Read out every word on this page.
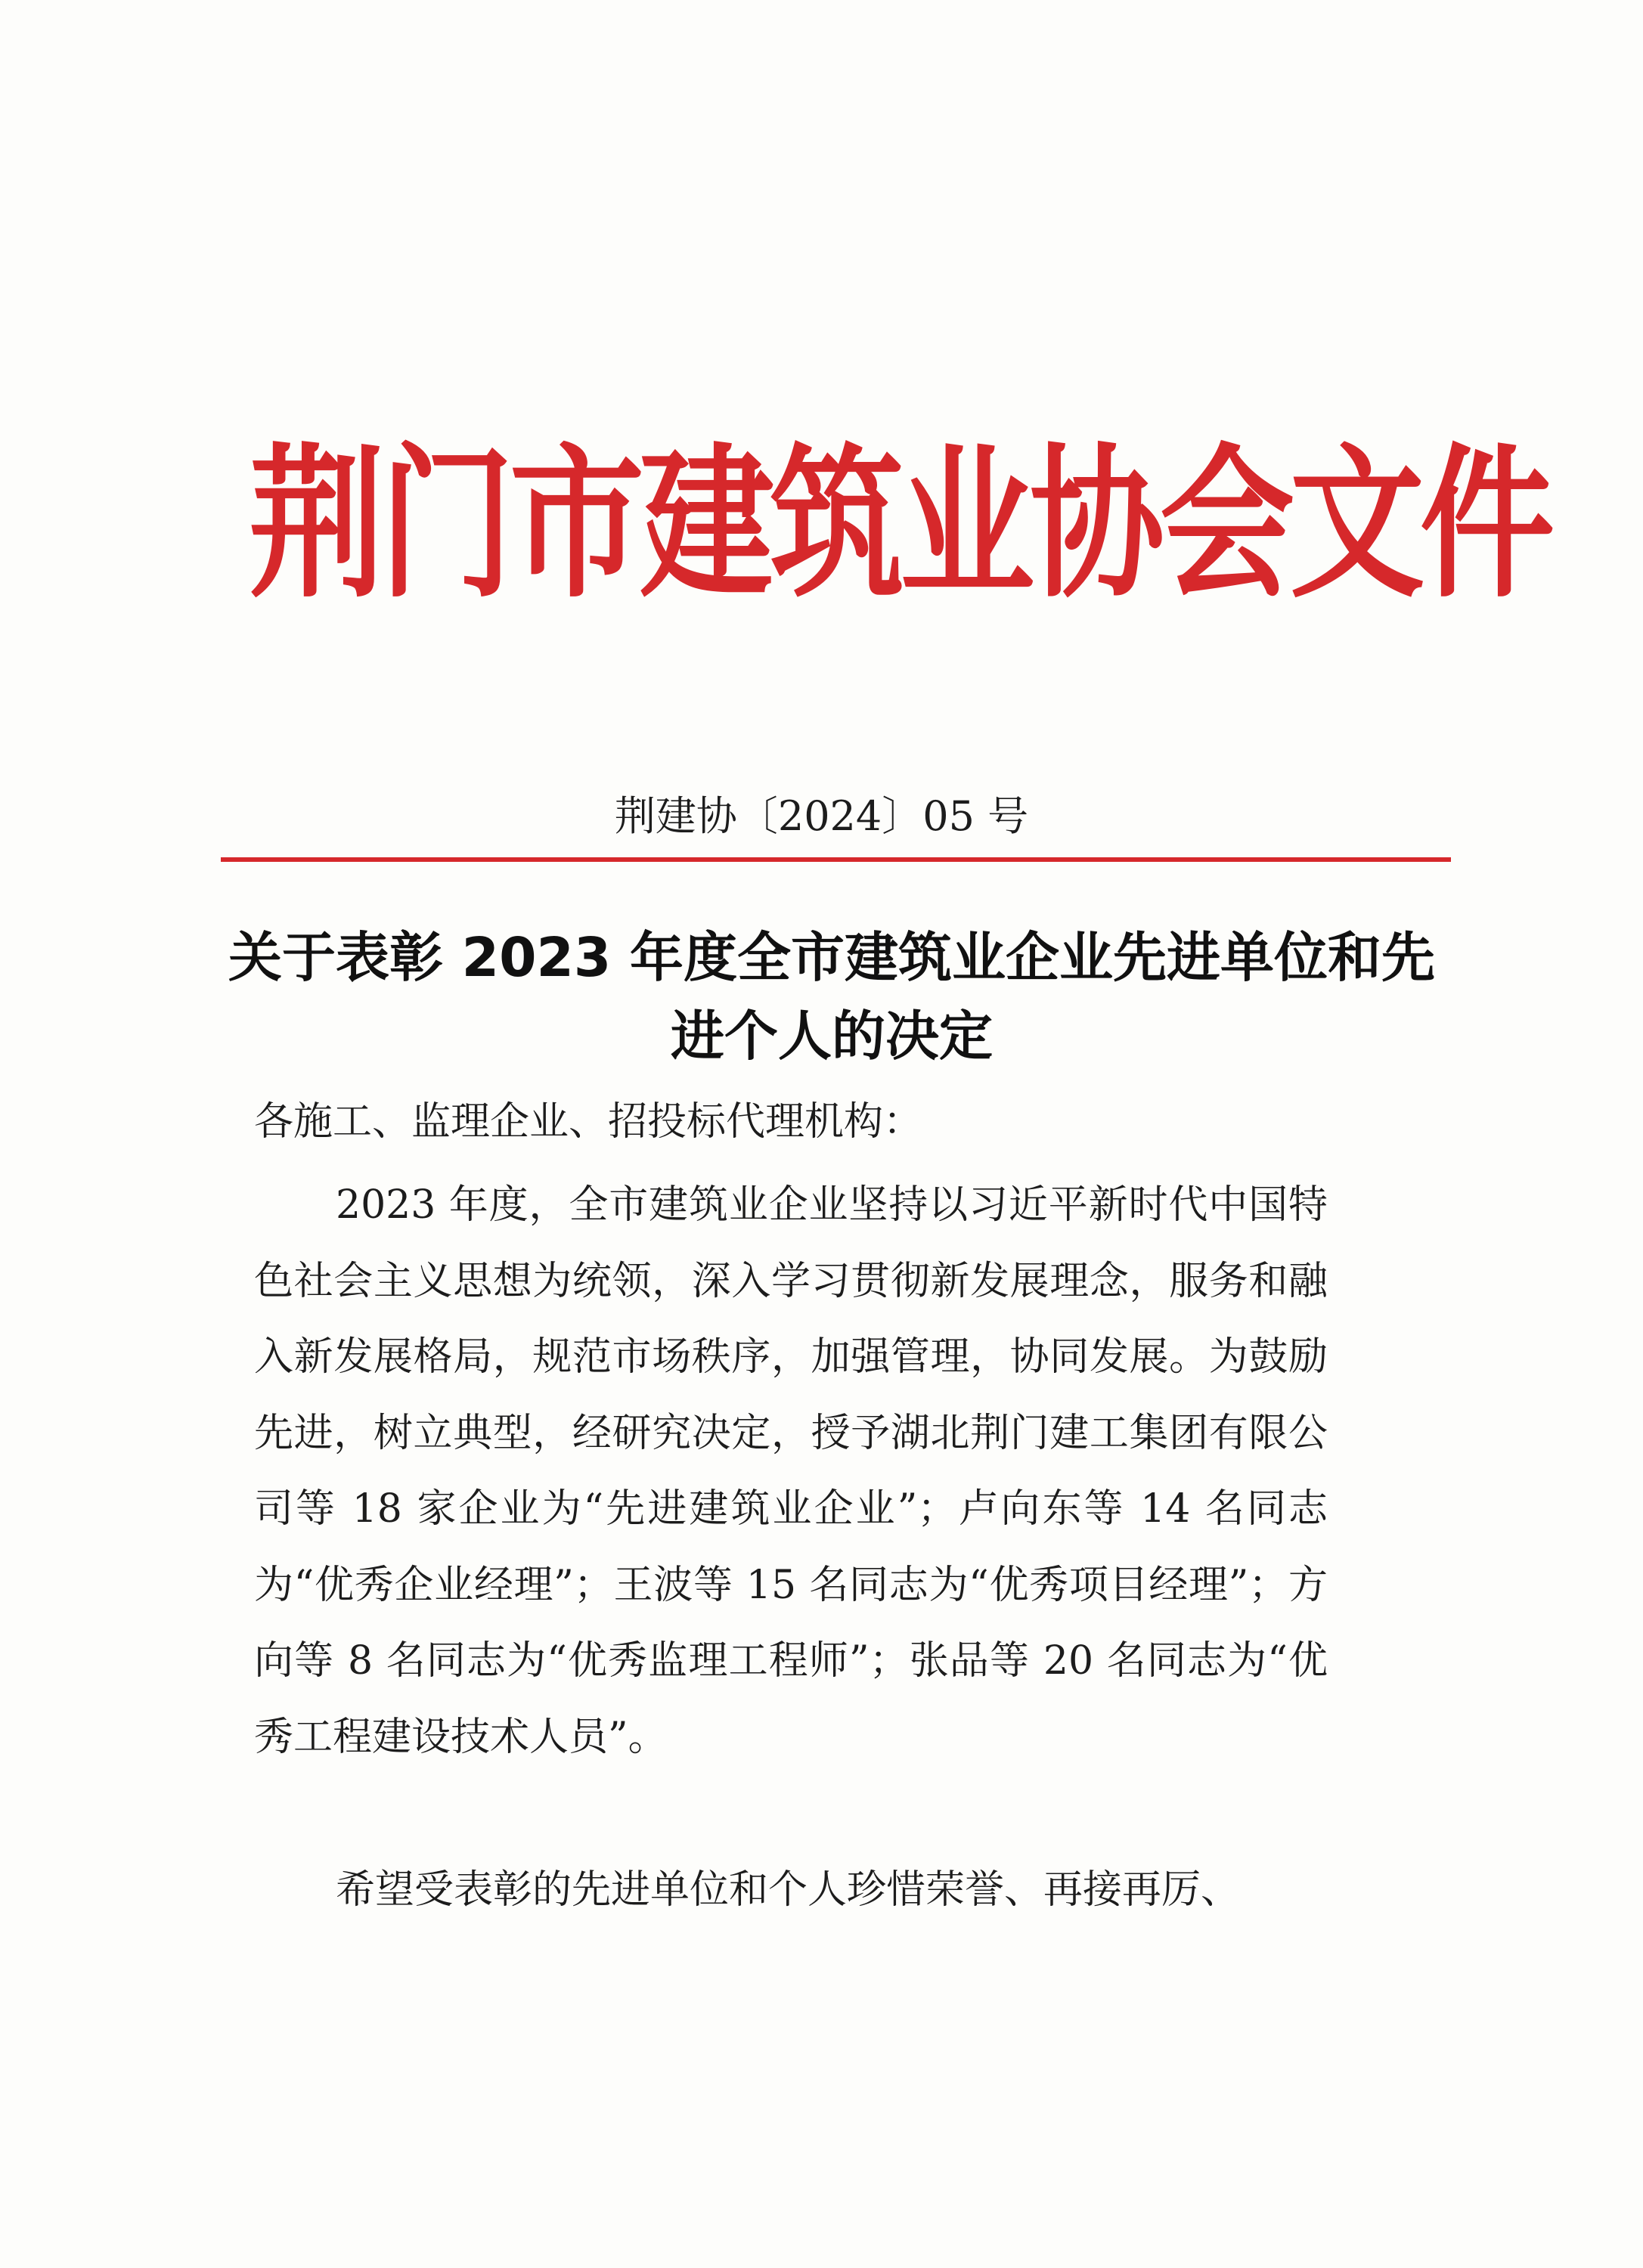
荆门市建筑业协会文件
荆建协〔2024〕05 号
关于表彰 2023 年度全市建筑业企业先进单位和先进个人的决定
各施工、监理企业、招投标代理机构：
2023 年度，全市建筑业企业坚持以习近平新时代中国特色社会主义思想为统领，深入学习贯彻新发展理念，服务和融入新发展格局，规范市场秩序，加强管理，协同发展。为鼓励先进，树立典型，经研究决定，授予湖北荆门建工集团有限公司等 18 家企业为“先进建筑业企业”；卢向东等 14 名同志为“优秀企业经理”；王波等 15 名同志为“优秀项目经理”；方向等 8 名同志为“优秀监理工程师”；张品等 20 名同志为“优秀工程建设技术人员”。
希望受表彰的先进单位和个人珍惜荣誉、再接再厉、
